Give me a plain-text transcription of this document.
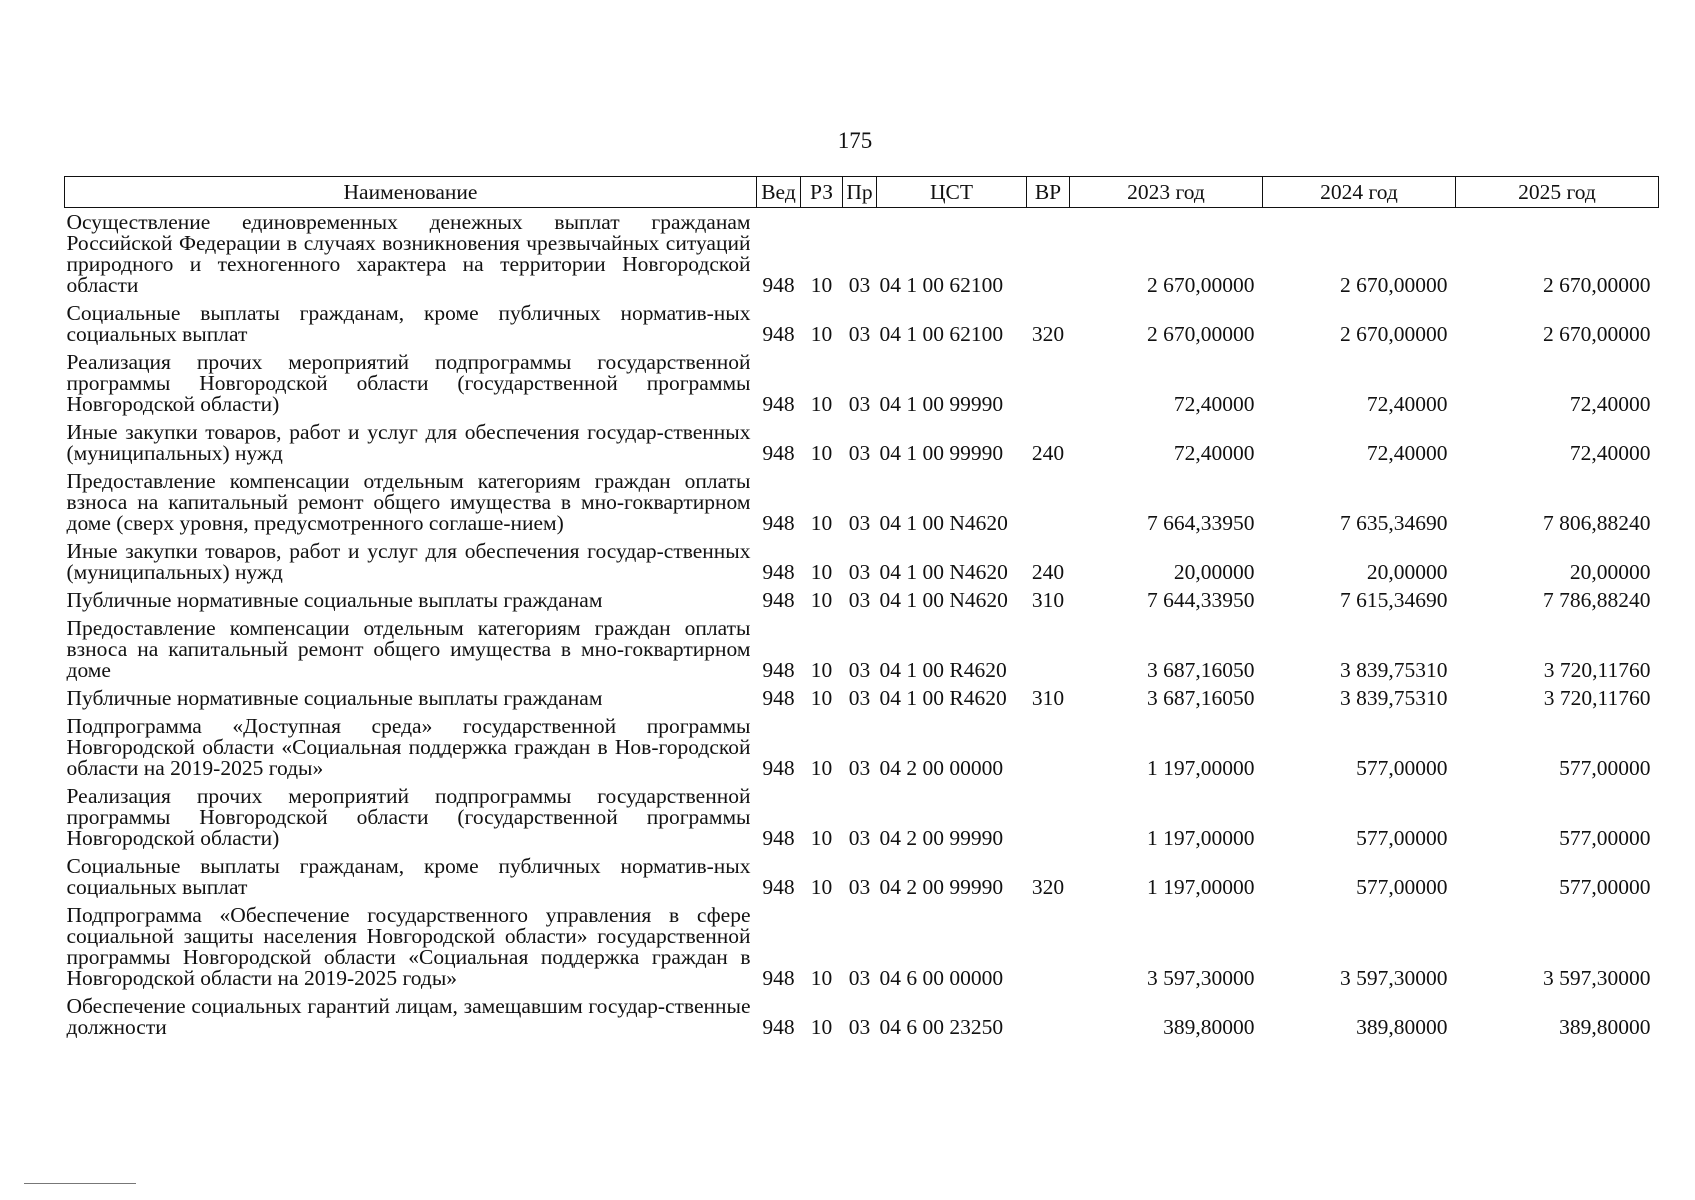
175
Наименование	Вед	РЗ	Пр	ЦСТ	ВР	2023 год	2024 год	2025 год
Осуществление единовременных денежных выплат гражданам Российской Федерации в случаях возникновения чрезвычайных ситуаций природного и техногенного характера на территории Новгородской области	948	10	03	04 1 00 62100		2 670,00000	2 670,00000	2 670,00000
Социальные выплаты гражданам, кроме публичных норматив-ных социальных выплат	948	10	03	04 1 00 62100	320	2 670,00000	2 670,00000	2 670,00000
Реализация прочих мероприятий подпрограммы государственной программы Новгородской области (государственной программы Новгородской области)	948	10	03	04 1 00 99990		72,40000	72,40000	72,40000
Иные закупки товаров, работ и услуг для обеспечения государ-ственных (муниципальных) нужд	948	10	03	04 1 00 99990	240	72,40000	72,40000	72,40000
Предоставление компенсации отдельным категориям граждан оплаты взноса на капитальный ремонт общего имущества в мно-гоквартирном доме (сверх уровня, предусмотренного соглаше-нием)	948	10	03	04 1 00 N4620		7 664,33950	7 635,34690	7 806,88240
Иные закупки товаров, работ и услуг для обеспечения государ-ственных (муниципальных) нужд	948	10	03	04 1 00 N4620	240	20,00000	20,00000	20,00000
Публичные нормативные социальные выплаты гражданам	948	10	03	04 1 00 N4620	310	7 644,33950	7 615,34690	7 786,88240
Предоставление компенсации отдельным категориям граждан оплаты взноса на капитальный ремонт общего имущества в мно-гоквартирном доме	948	10	03	04 1 00 R4620		3 687,16050	3 839,75310	3 720,11760
Публичные нормативные социальные выплаты гражданам	948	10	03	04 1 00 R4620	310	3 687,16050	3 839,75310	3 720,11760
Подпрограмма «Доступная среда» государственной программы Новгородской области «Социальная поддержка граждан в Нов-городской области на 2019-2025 годы»	948	10	03	04 2 00 00000		1 197,00000	577,00000	577,00000
Реализация прочих мероприятий подпрограммы государственной программы Новгородской области (государственной программы Новгородской области)	948	10	03	04 2 00 99990		1 197,00000	577,00000	577,00000
Социальные выплаты гражданам, кроме публичных норматив-ных социальных выплат	948	10	03	04 2 00 99990	320	1 197,00000	577,00000	577,00000
Подпрограмма «Обеспечение государственного управления в сфере социальной защиты населения Новгородской области» государственной программы Новгородской области «Социальная поддержка граждан в Новгородской области на 2019-2025 годы»	948	10	03	04 6 00 00000		3 597,30000	3 597,30000	3 597,30000
Обеспечение социальных гарантий лицам, замещавшим государ-ственные должности	948	10	03	04 6 00 23250		389,80000	389,80000	389,80000
